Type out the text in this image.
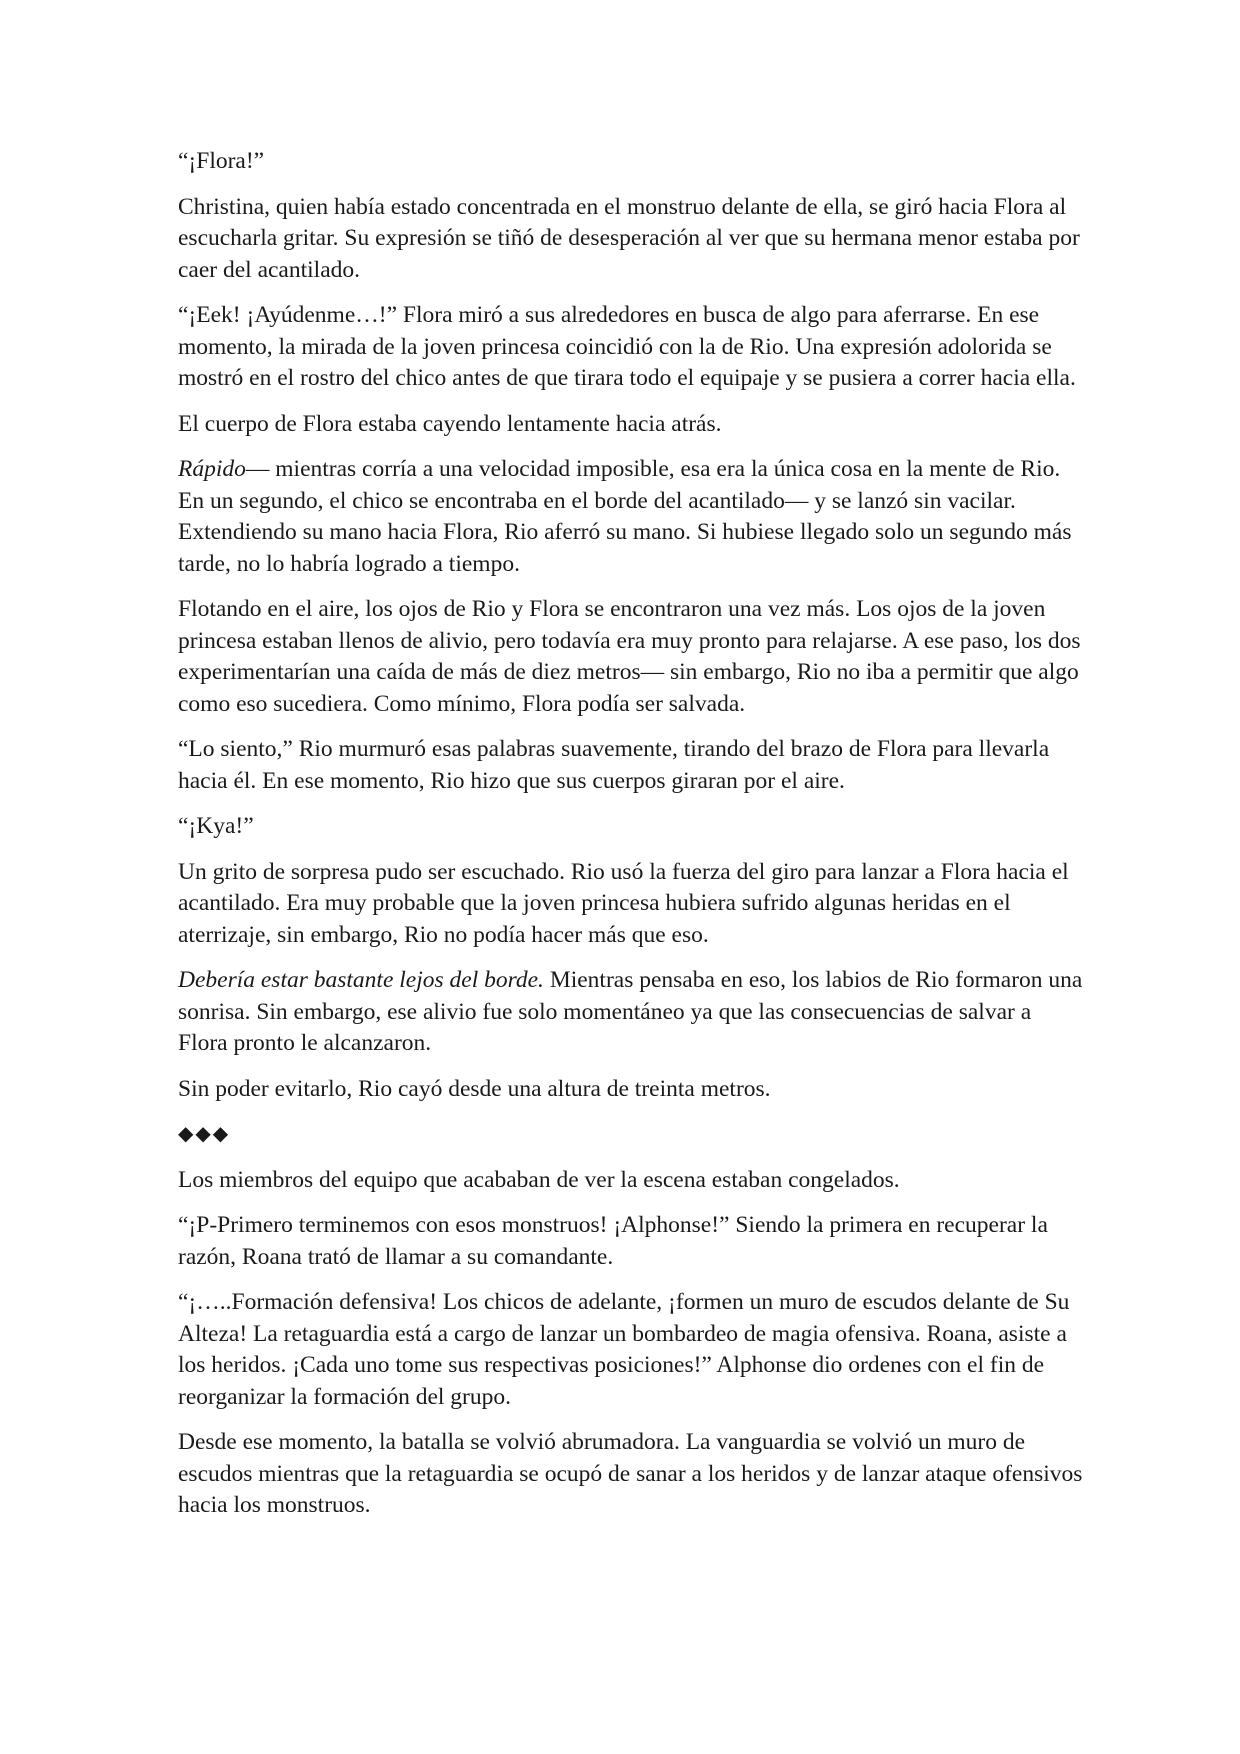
“¡Flora!”

Christina, quien había estado concentrada en el monstruo delante de ella, se giró hacia Flora al escucharla gritar. Su expresión se tiñó de desesperación al ver que su hermana menor estaba por caer del acantilado.

“¡Eek! ¡Ayúdenme…!” Flora miró a sus alrededores en busca de algo para aferrarse. En ese momento, la mirada de la joven princesa coincidió con la de Rio. Una expresión adolorida se mostró en el rostro del chico antes de que tirara todo el equipaje y se pusiera a correr hacia ella.

El cuerpo de Flora estaba cayendo lentamente hacia atrás.

Rápido— mientras corría a una velocidad imposible, esa era la única cosa en la mente de Rio. En un segundo, el chico se encontraba en el borde del acantilado— y se lanzó sin vacilar. Extendiendo su mano hacia Flora, Rio aferró su mano. Si hubiese llegado solo un segundo más tarde, no lo habría logrado a tiempo.

Flotando en el aire, los ojos de Rio y Flora se encontraron una vez más. Los ojos de la joven princesa estaban llenos de alivio, pero todavía era muy pronto para relajarse. A ese paso, los dos experimentarían una caída de más de diez metros— sin embargo, Rio no iba a permitir que algo como eso sucediera. Como mínimo, Flora podía ser salvada.

“Lo siento,” Rio murmuró esas palabras suavemente, tirando del brazo de Flora para llevarla hacia él. En ese momento, Rio hizo que sus cuerpos giraran por el aire.

“¡Kya!”

Un grito de sorpresa pudo ser escuchado. Rio usó la fuerza del giro para lanzar a Flora hacia el acantilado. Era muy probable que la joven princesa hubiera sufrido algunas heridas en el aterrizaje, sin embargo, Rio no podía hacer más que eso.

Debería estar bastante lejos del borde. Mientras pensaba en eso, los labios de Rio formaron una sonrisa. Sin embargo, ese alivio fue solo momentáneo ya que las consecuencias de salvar a Flora pronto le alcanzaron.

Sin poder evitarlo, Rio cayó desde una altura de treinta metros.

◆◆◆

Los miembros del equipo que acababan de ver la escena estaban congelados.

“¡P-Primero terminemos con esos monstruos! ¡Alphonse!” Siendo la primera en recuperar la razón, Roana trató de llamar a su comandante.

“¡…..Formación defensiva! Los chicos de adelante, ¡formen un muro de escudos delante de Su Alteza! La retaguardia está a cargo de lanzar un bombardeo de magia ofensiva. Roana, asiste a los heridos. ¡Cada uno tome sus respectivas posiciones!” Alphonse dio ordenes con el fin de reorganizar la formación del grupo.

Desde ese momento, la batalla se volvió abrumadora. La vanguardia se volvió un muro de escudos mientras que la retaguardia se ocupó de sanar a los heridos y de lanzar ataque ofensivos hacia los monstruos.
